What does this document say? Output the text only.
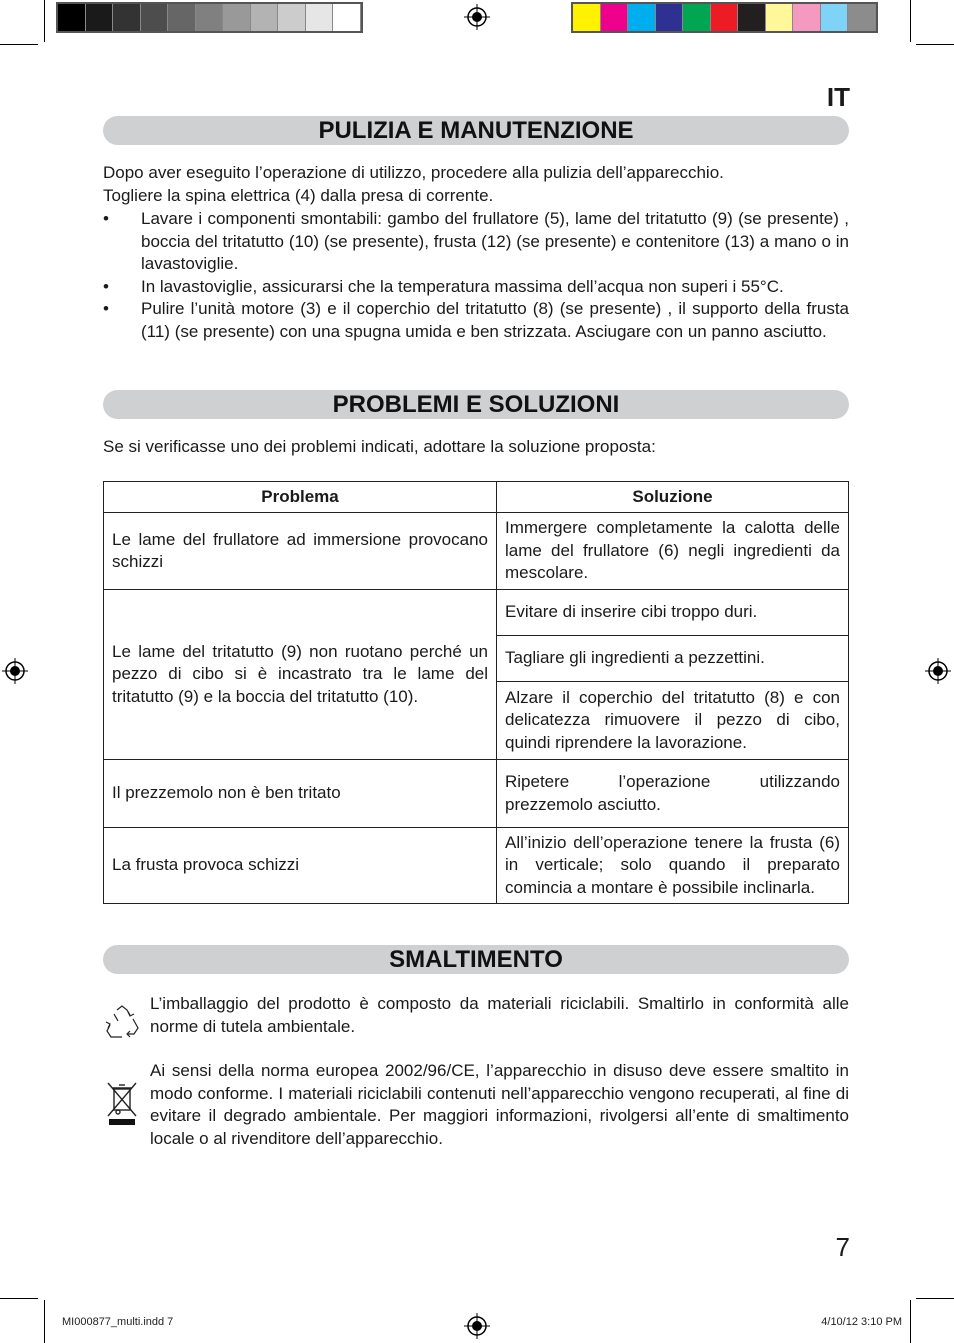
IT
PULIZIA E MANUTENZIONE
Dopo aver eseguito l’operazione di utilizzo, procedere alla pulizia dell’apparecchio.
Togliere la spina elettrica (4) dalla presa di corrente.
• Lavare i componenti smontabili: gambo del frullatore (5), lame del tritatutto (9) (se presente) , boccia del tritatutto (10) (se presente), frusta (12) (se presente) e contenitore (13) a mano o in lavastoviglie.
• In lavastoviglie, assicurarsi che la temperatura massima dell’acqua non superi i 55°C.
• Pulire l’unità motore (3) e il coperchio del tritatutto (8) (se presente) , il supporto della frusta (11) (se presente) con una spugna umida e ben strizzata. Asciugare con un panno asciutto.
PROBLEMI E SOLUZIONI
Se si verificasse uno dei problemi indicati, adottare la soluzione proposta:
Problema	Soluzione
Le lame del frullatore ad immersione provocano schizzi	Immergere completamente la calotta delle lame del frullatore (6) negli ingredienti da mescolare.
Le lame del tritatutto (9) non ruotano perché un pezzo di cibo si è incastrato tra le lame del tritatutto (9) e la boccia del tritatutto (10).	Evitare di inserire cibi troppo duri.
	Tagliare gli ingredienti a pezzettini.
	Alzare il coperchio del tritatutto (8) e con delicatezza rimuovere il pezzo di cibo, quindi riprendere la lavorazione.
Il prezzemolo non è ben tritato	Ripetere l’operazione utilizzando prezzemolo asciutto.
La frusta provoca schizzi	All’inizio dell’operazione tenere la frusta (6) in verticale; solo quando il preparato comincia a montare è possibile inclinarla.
SMALTIMENTO
L’imballaggio del prodotto è composto da materiali riciclabili. Smaltirlo in conformità alle norme di tutela ambientale.
Ai sensi della norma europea 2002/96/CE, l’apparecchio in disuso deve essere smaltito in modo conforme. I materiali riciclabili contenuti nell’apparecchio vengono recuperati, al fine di evitare il degrado ambientale. Per maggiori informazioni, rivolgersi all’ente di smaltimento locale o al rivenditore dell’apparecchio.
7
MI000877_multi.indd 7	4/10/12 3:10 PM
